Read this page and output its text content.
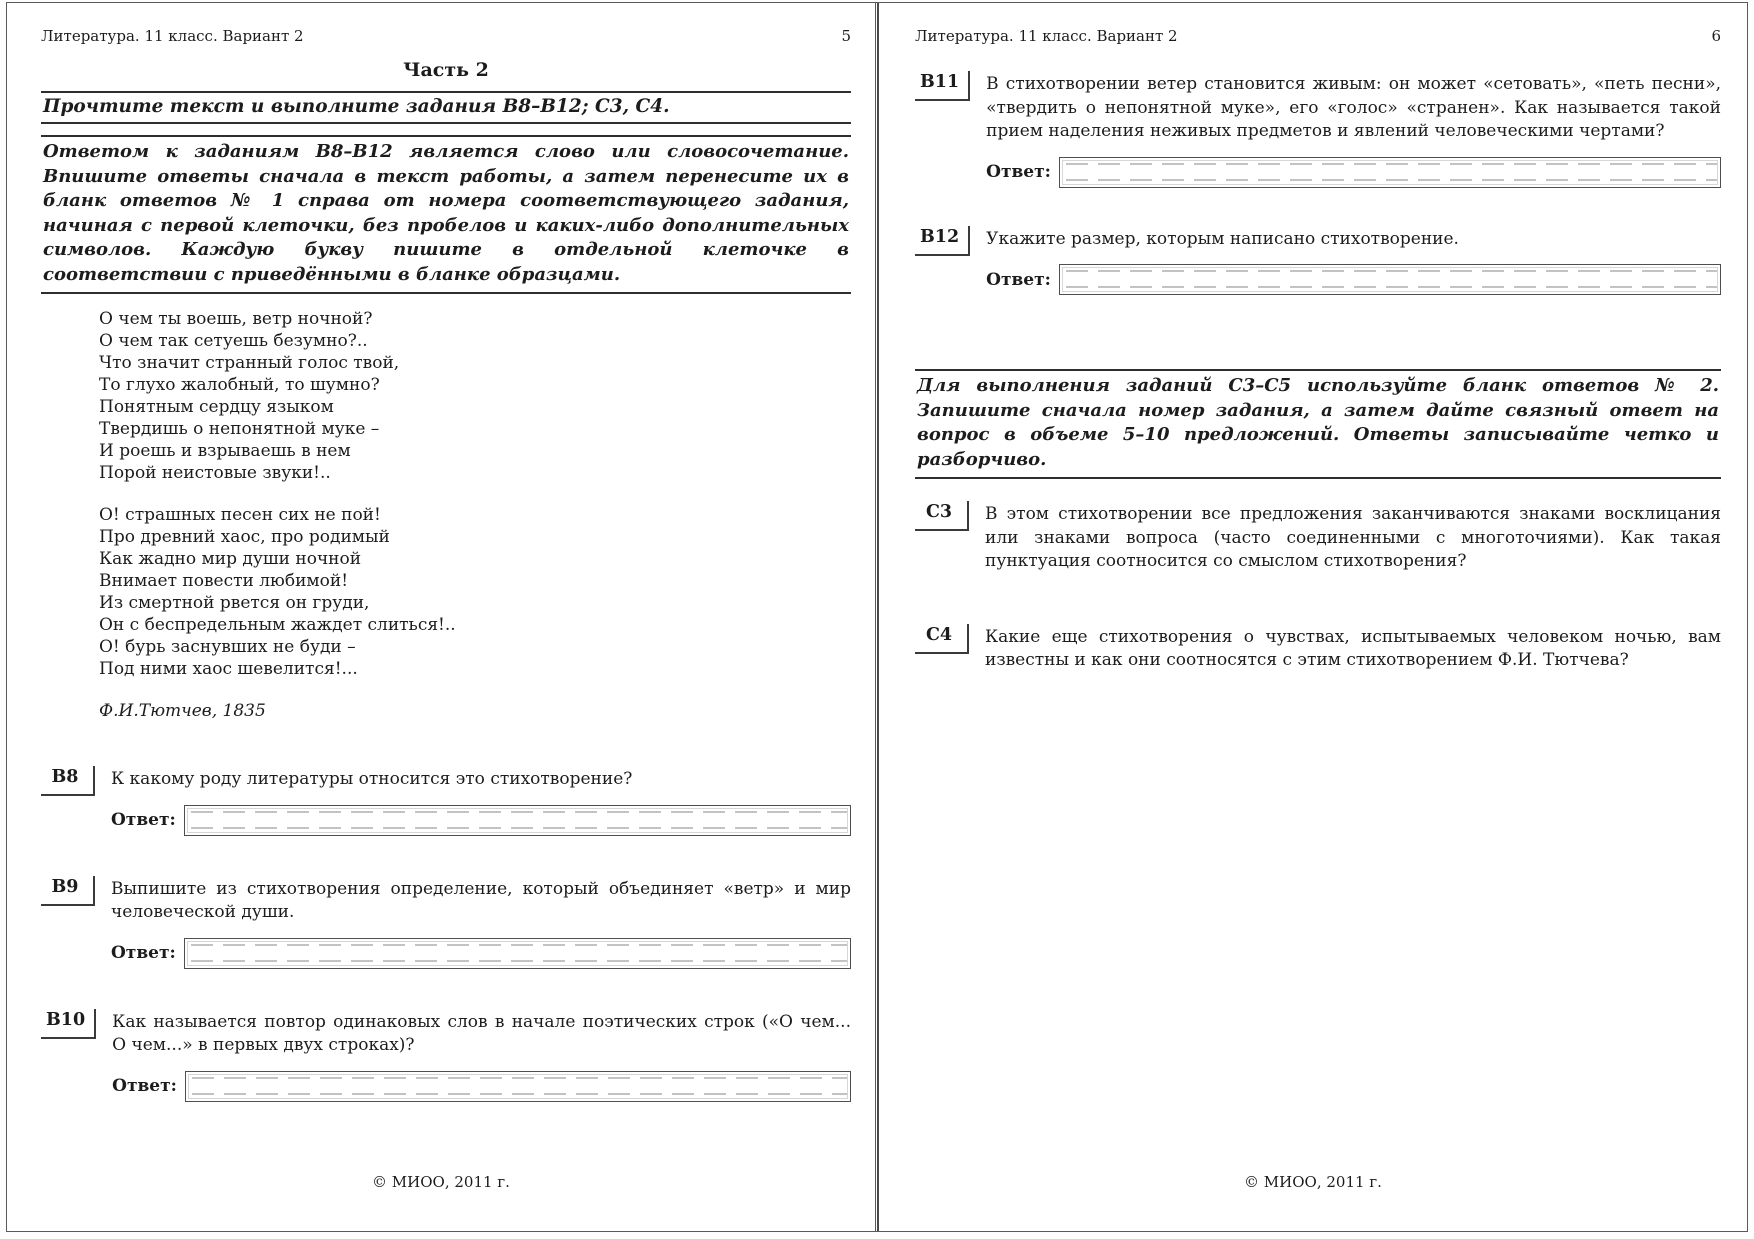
Литература. 11 класс. Вариант 2	5
Часть 2
Прочтите текст и выполните задания В8–В12; С3, С4.
Ответом к заданиям В8–В12 является слово или словосочетание. Впишите ответы сначала в текст работы, а затем перенесите их в бланк ответов № 1 справа от номера соответствующего задания, начиная с первой клеточки, без пробелов и каких-либо дополнительных символов. Каждую букву пишите в отдельной клеточке в соответствии с приведёнными в бланке образцами.
О чем ты воешь, ветр ночной?
О чем так сетуешь безумно?..
Что значит странный голос твой,
То глухо жалобный, то шумно?
Понятным сердцу языком
Твердишь о непонятной муке –
И роешь и взрываешь в нем
Порой неистовые звуки!..
О! страшных песен сих не пой!
Про древний хаос, про родимый
Как жадно мир души ночной
Внимает повести любимой!
Из смертной рвется он груди,
Он с беспредельным жаждет слиться!..
О! бурь заснувших не буди –
Под ними хаос шевелится!...
Ф.И.Тютчев, 1835
В8	К какому роду литературы относится это стихотворение?

Ответ:
В9	Выпишите из стихотворения определение, который объединяет «ветр» и мир человеческой души.

Ответ:
В10	Как называется повтор одинаковых слов в начале поэтических строк («О чем... О чем...» в первых двух строках)?

Ответ:
© МИОО, 2011 г.
Литература. 11 класс. Вариант 2	6
В11	В стихотворении ветер становится живым: он может «сетовать», «петь песни», «твердить о непонятной муке», его «голос» «странен». Как называется такой прием наделения неживых предметов и явлений человеческими чертами?

Ответ:
В12	Укажите размер, которым написано стихотворение.

Ответ:
Для выполнения заданий С3–С5 используйте бланк ответов № 2. Запишите сначала номер задания, а затем дайте связный ответ на вопрос в объеме 5–10 предложений. Ответы записывайте четко и разборчиво.
С3	В этом стихотворении все предложения заканчиваются знаками восклицания или знаками вопроса (часто соединенными с многоточиями). Как такая пунктуация соотносится со смыслом стихотворения?

С4	Какие еще стихотворения о чувствах, испытываемых человеком ночью, вам известны и как они соотносятся с этим стихотворением Ф.И. Тютчева?

© МИОО, 2011 г.
